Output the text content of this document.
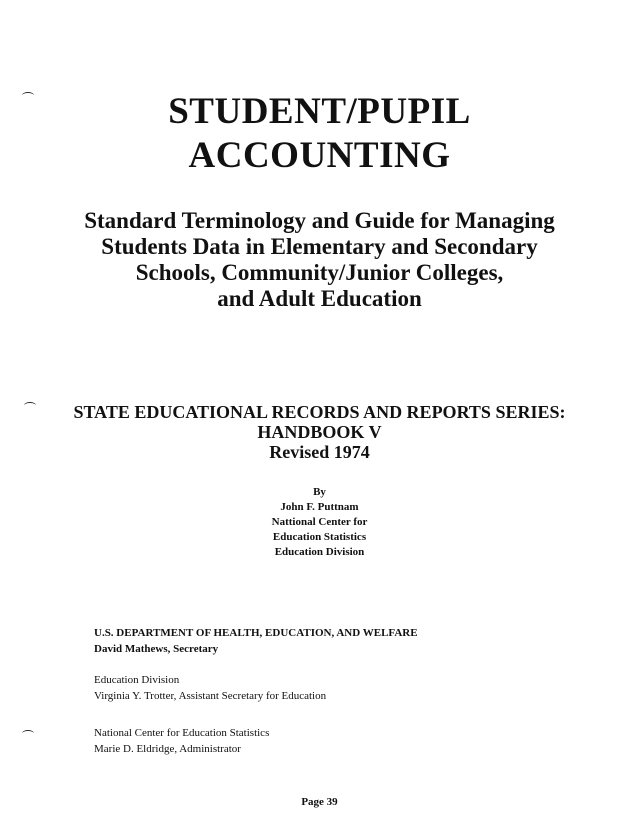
STUDENT/PUPIL
ACCOUNTING
Standard Terminology and Guide for Managing
Students Data in Elementary and Secondary
Schools, Community/Junior Colleges,
and Adult Education
STATE EDUCATIONAL RECORDS AND REPORTS SERIES:
HANDBOOK V
Revised 1974
By
John F. Puttnam
Nattional Center for
Education Statistics
Education Division
U.S. DEPARTMENT OF HEALTH, EDUCATION, AND WELFARE
David Mathews, Secretary
Education Division
Virginia Y. Trotter, Assistant Secretary for Education
National Center for Education Statistics
Marie D. Eldridge, Administrator
Page 39
